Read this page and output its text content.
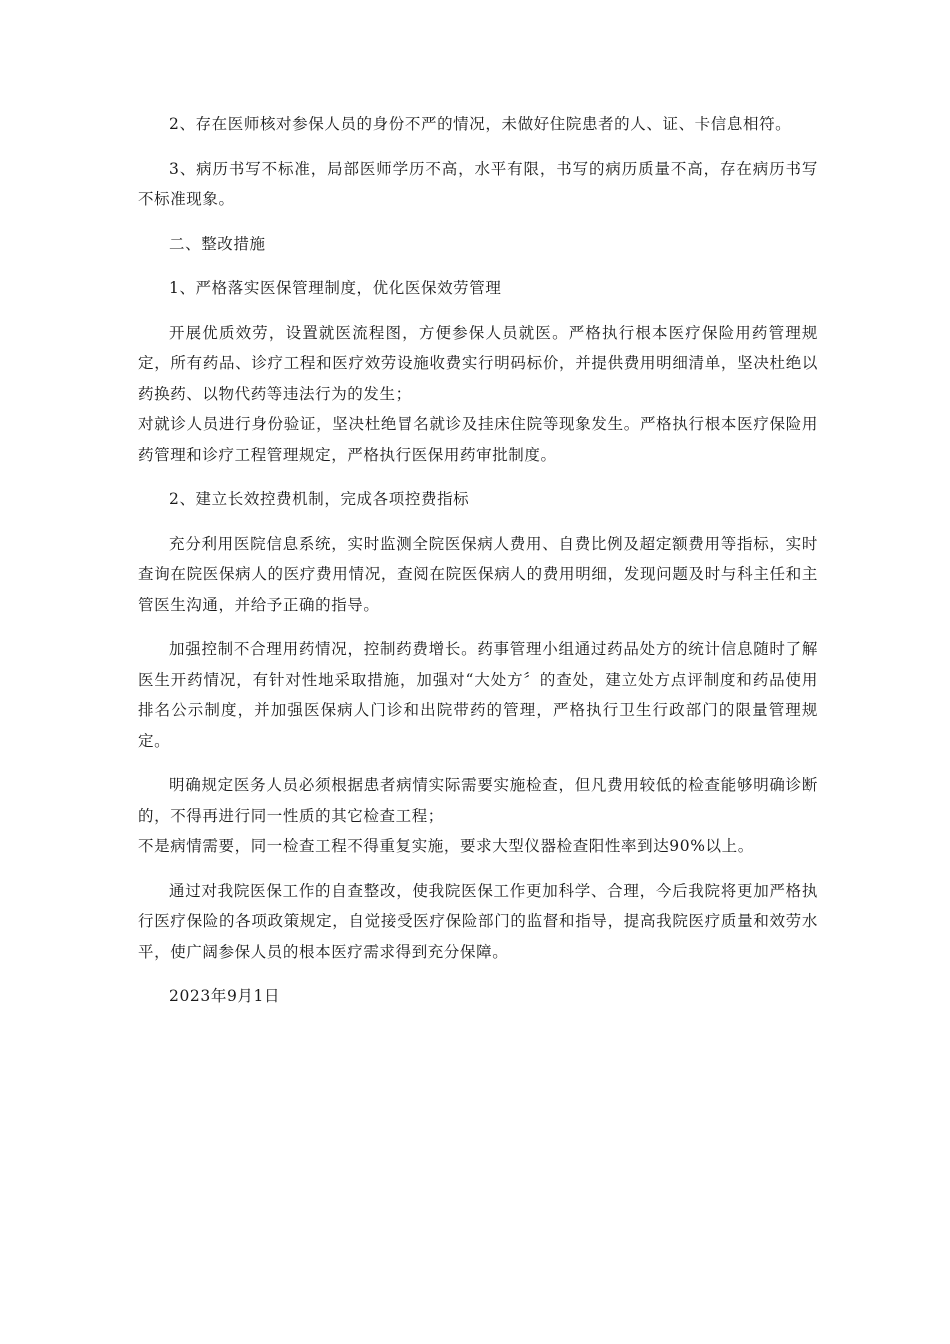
2、存在医师核对参保人员的身份不严的情况，未做好住院患者的人、证、卡信息相符。

3、病历书写不标准，局部医师学历不高，水平有限，书写的病历质量不高，存在病历书写不标准现象。

二、整改措施

1、严格落实医保管理制度，优化医保效劳管理

开展优质效劳，设置就医流程图，方便参保人员就医。严格执行根本医疗保险用药管理规定，所有药品、诊疗工程和医疗效劳设施收费实行明码标价，并提供费用明细清单，坚决杜绝以药换药、以物代药等违法行为的发生；

对就诊人员进行身份验证，坚决杜绝冒名就诊及挂床住院等现象发生。严格执行根本医疗保险用药管理和诊疗工程管理规定，严格执行医保用药审批制度。

2、建立长效控费机制，完成各项控费指标

充分利用医院信息系统，实时监测全院医保病人费用、自费比例及超定额费用等指标，实时查询在院医保病人的医疗费用情况，查阅在院医保病人的费用明细，发现问题及时与科主任和主管医生沟通，并给予正确的指导。

加强控制不合理用药情况，控制药费增长。药事管理小组通过药品处方的统计信息随时了解医生开药情况，有针对性地采取措施，加强对“大处方〞的查处，建立处方点评制度和药品使用排名公示制度，并加强医保病人门诊和出院带药的管理，严格执行卫生行政部门的限量管理规定。

明确规定医务人员必须根据患者病情实际需要实施检查，但凡费用较低的检查能够明确诊断的，不得再进行同一性质的其它检查工程；

不是病情需要，同一检查工程不得重复实施，要求大型仪器检查阳性率到达90%以上。

通过对我院医保工作的自查整改，使我院医保工作更加科学、合理，今后我院将更加严格执行医疗保险的各项政策规定，自觉接受医疗保险部门的监督和指导，提高我院医疗质量和效劳水平，使广阔参保人员的根本医疗需求得到充分保障。

2023年9月1日
